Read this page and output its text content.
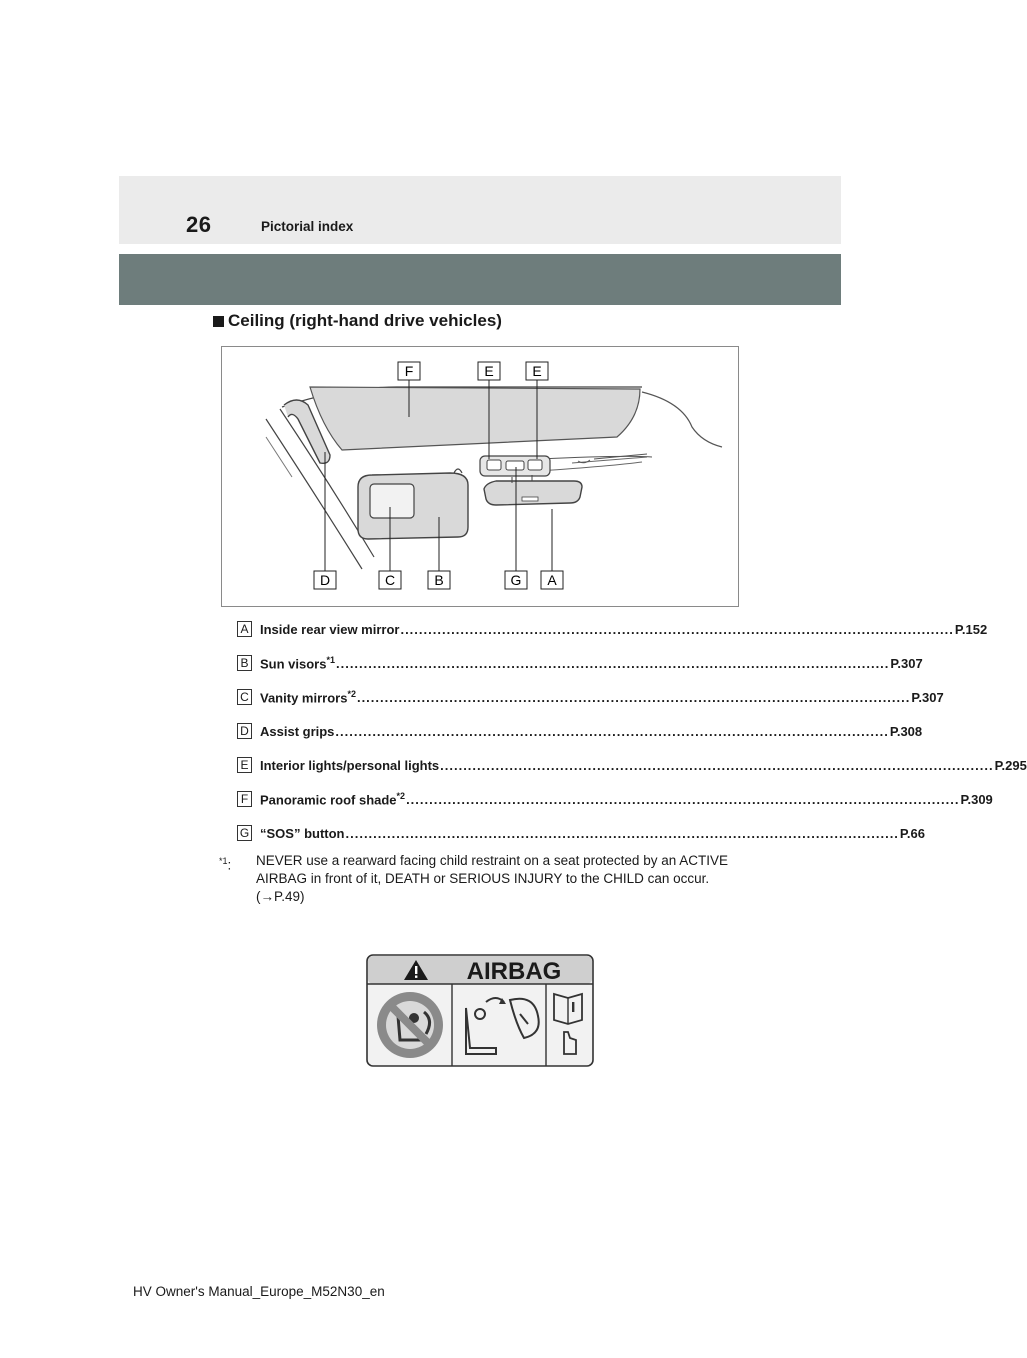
26	Pictorial index
Ceiling (right-hand drive vehicles)
F	E	E
D	C	B	G A
A Inside rear view mirror ........................................................................................................................ P.152
B Sun visors$^{*1}$ ........................................................................................................................ P.307
C Vanity mirrors$^{*2}$ ........................................................................................................................ P.307
D Assist grips ........................................................................................................................ P.308
E Interior lights/personal lights ........................................................................................................................ P.295
F Panoramic roof shade$^{*2}$ ........................................................................................................................ P.309
G “SOS” button ........................................................................................................................ P.66
$^{*1}$:	NEVER use a rearward facing child restraint on a seat protected by an ACTIVE AIRBAG in front of it, DEATH or SERIOUS INJURY to the CHILD can occur. (→P.49)
AIRBAG
HV Owner's Manual_Europe_M52N30_en
